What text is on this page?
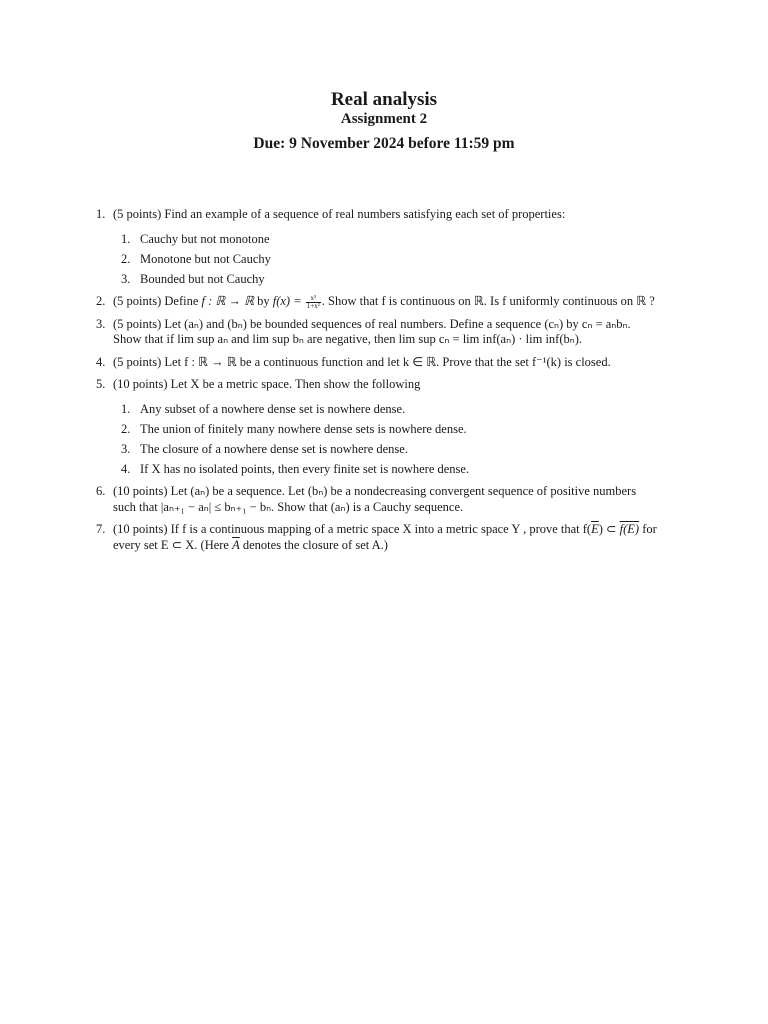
Real analysis
Assignment 2
Due: 9 November 2024 before 11:59 pm
1. (5 points) Find an example of a sequence of real numbers satisfying each set of properties:
1. Cauchy but not monotone
2. Monotone but not Cauchy
3. Bounded but not Cauchy
2. (5 points) Define f : ℝ → ℝ by $f(x) = \frac{\text{x³}}{\text{1+x²}}$ . Show that f is continuous on ℝ. Is f uniformly continuous on ℝ ?
3. (5 points) Let (aₙ) and (bₙ) be bounded sequences of real numbers. Define a sequence (cₙ) by cₙ = aₙbₙ.
Show that if lim sup aₙ and lim sup bₙ are negative, then lim sup cₙ = lim inf(aₙ) · lim inf(bₙ).
4. (5 points) Let f : ℝ → ℝ be a continuous function and let k ∈ ℝ. Prove that the set f⁻¹(k) is closed.
5. (10 points) Let X be a metric space. Then show the following
1. Any subset of a nowhere dense set is nowhere dense.
2. The union of finitely many nowhere dense sets is nowhere dense.
3. The closure of a nowhere dense set is nowhere dense.
4. If X has no isolated points, then every finite set is nowhere dense.
6. (10 points) Let (aₙ) be a sequence. Let (bₙ) be a nondecreasing convergent sequence of positive numbers
such that |aₙ₊₁ − aₙ| ≤ bₙ₊₁ − bₙ. Show that (aₙ) is a Cauchy sequence.
7. (10 points) If f is a continuous mapping of a metric space X into a metric space Y , prove that $f(\overline{E})$ ⊂ f(E) for every set E ⊂ X. (Here $\overline{A}$ denotes the closure of set A.)
